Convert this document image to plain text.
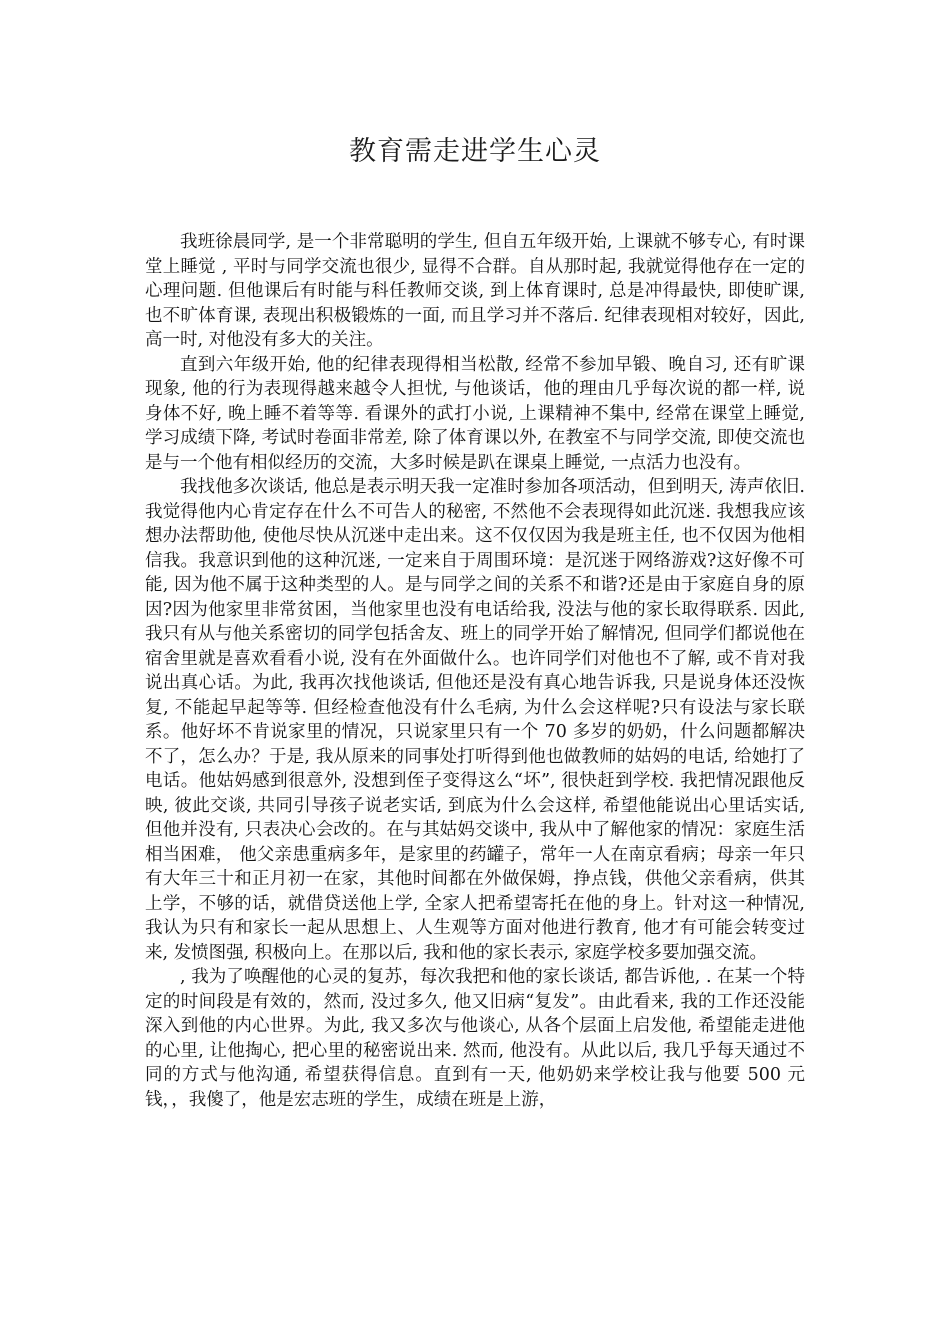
教育需走进学生心灵

我班徐晨同学, 是一个非常聪明的学生, 但自五年级开始, 上课就不够专心, 有时课堂上睡觉 , 平时与同学交流也很少, 显得不合群。自从那时起, 我就觉得他存在一定的心理问题. 但他课后有时能与科任教师交谈, 到上体育课时, 总是冲得最快, 即使旷课, 也不旷体育课, 表现出积极锻炼的一面, 而且学习并不落后. 纪律表现相对较好，因此, 高一时, 对他没有多大的关注。

直到六年级开始, 他的纪律表现得相当松散, 经常不参加早锻、晚自习, 还有旷课现象, 他的行为表现得越来越令人担忧, 与他谈话，他的理由几乎每次说的都一样, 说身体不好, 晚上睡不着等等. 看课外的武打小说, 上课精神不集中, 经常在课堂上睡觉, 学习成绩下降, 考试时卷面非常差, 除了体育课以外, 在教室不与同学交流, 即使交流也是与一个他有相似经历的交流，大多时候是趴在课桌上睡觉, 一点活力也没有。

我找他多次谈话, 他总是表示明天我一定准时参加各项活动，但到明天, 涛声依旧. 我觉得他内心肯定存在什么不可告人的秘密, 不然他不会表现得如此沉迷. 我想我应该想办法帮助他, 使他尽快从沉迷中走出来。这不仅仅因为我是班主任, 也不仅因为他相信我。我意识到他的这种沉迷, 一定来自于周围环境：是沉迷于网络游戏?这好像不可能, 因为他不属于这种类型的人。是与同学之间的关系不和谐?还是由于家庭自身的原因?因为他家里非常贫困，当他家里也没有电话给我, 没法与他的家长取得联系. 因此, 我只有从与他关系密切的同学包括舍友、班上的同学开始了解情况, 但同学们都说他在宿舍里就是喜欢看看小说, 没有在外面做什么。也许同学们对他也不了解, 或不肯对我说出真心话。为此, 我再次找他谈话, 但他还是没有真心地告诉我, 只是说身体还没恢复, 不能起早起等等. 但经检查他没有什么毛病, 为什么会这样呢?只有设法与家长联系。他好坏不肯说家里的情况，只说家里只有一个 70 多岁的奶奶，什么问题都解决不了，怎么办？于是, 我从原来的同事处打听得到他也做教师的姑妈的电话, 给她打了电话。他姑妈感到很意外, 没想到侄子变得这么“坏”, 很快赶到学校. 我把情况跟他反映, 彼此交谈, 共同引导孩子说老实话, 到底为什么会这样, 希望他能说出心里话实话, 但他并没有, 只表决心会改的。在与其姑妈交谈中, 我从中了解他家的情况：家庭生活相当困难， 他父亲患重病多年，是家里的药罐子，常年一人在南京看病；母亲一年只有大年三十和正月初一在家，其他时间都在外做保姆，挣点钱，供他父亲看病，供其上学，不够的话，就借贷送他上学, 全家人把希望寄托在他的身上。针对这一种情况, 我认为只有和家长一起从思想上、人生观等方面对他进行教育, 他才有可能会转变过来, 发愤图强, 积极向上。在那以后, 我和他的家长表示, 家庭学校多要加强交流。

, 我为了唤醒他的心灵的复苏，每次我把和他的家长谈话, 都告诉他, . 在某一个特定的时间段是有效的，然而, 没过多久, 他又旧病“复发”。由此看来, 我的工作还没能深入到他的内心世界。为此, 我又多次与他谈心, 从各个层面上启发他, 希望能走进他的心里, 让他掏心, 把心里的秘密说出来. 然而, 他没有。从此以后, 我几乎每天通过不同的方式与他沟通, 希望获得信息。直到有一天, 他奶奶来学校让我与他要 500 元钱，，我傻了，他是宏志班的学生，成绩在班是上游，
